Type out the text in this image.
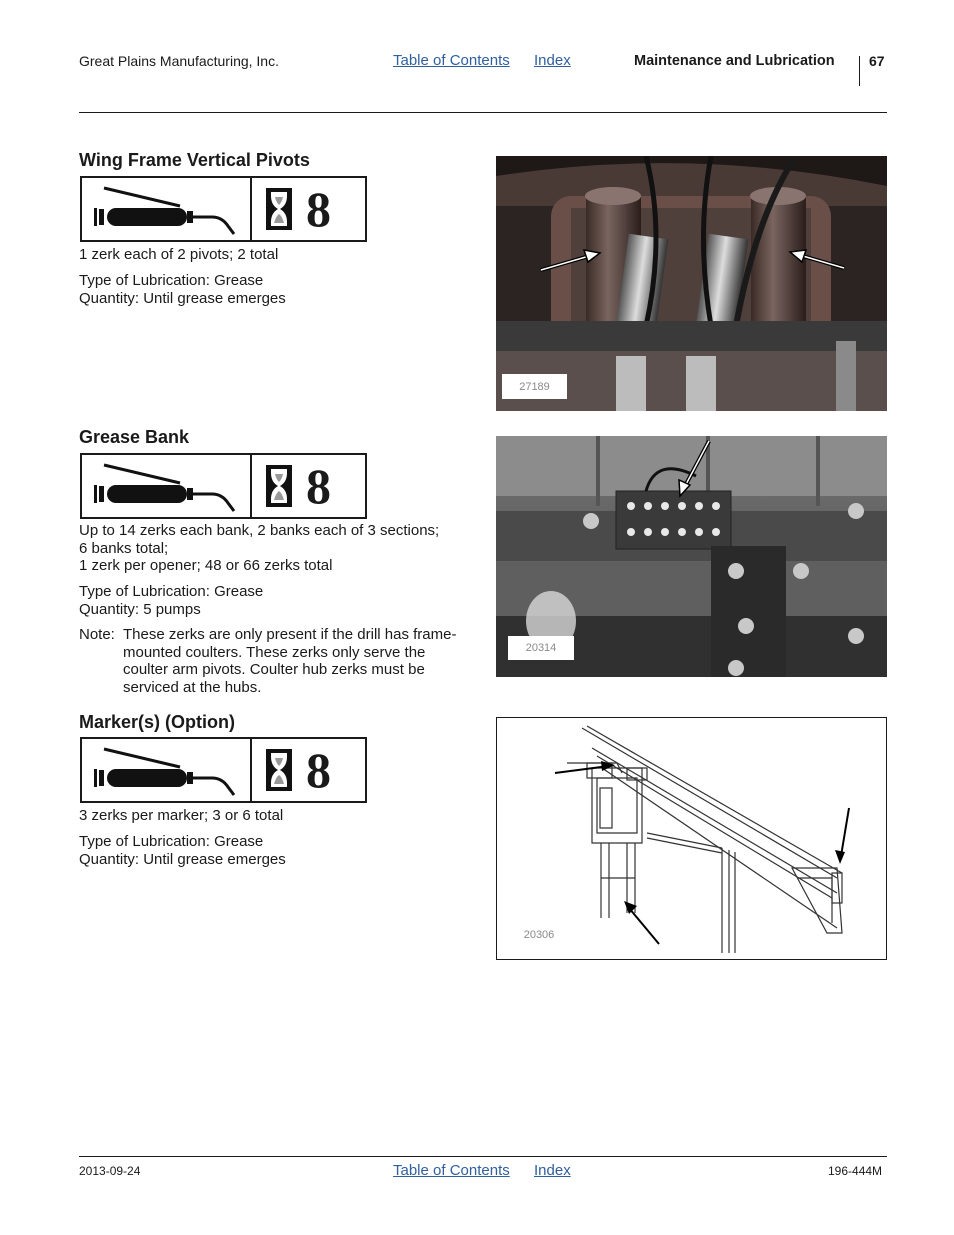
Great Plains Manufacturing, Inc.	Table of Contents Index	Maintenance and Lubrication 67
Wing Frame Vertical Pivots
8

1 zerk each of 2 pivots; 2 total

Type of Lubrication: Grease

Quantity: Until grease emerges

27189
Grease Bank
8

Up to 14 zerks each bank, 2 banks each of 3 sections;

6 banks total;

1 zerk per opener; 48 or 66 zerks total

Type of Lubrication: Grease

Quantity: 5 pumps

Note: These zerks are only present if the drill has frame-mounted coulters. These zerks only serve the coulter arm pivots. Coulter hub zerks must be serviced at the hubs.
20314
Marker(s) (Option)
8

3 zerks per marker; 3 or 6 total

Type of Lubrication: Grease

Quantity: Until grease emerges

20306
2013-09-24	Table of Contents Index	196-444M
